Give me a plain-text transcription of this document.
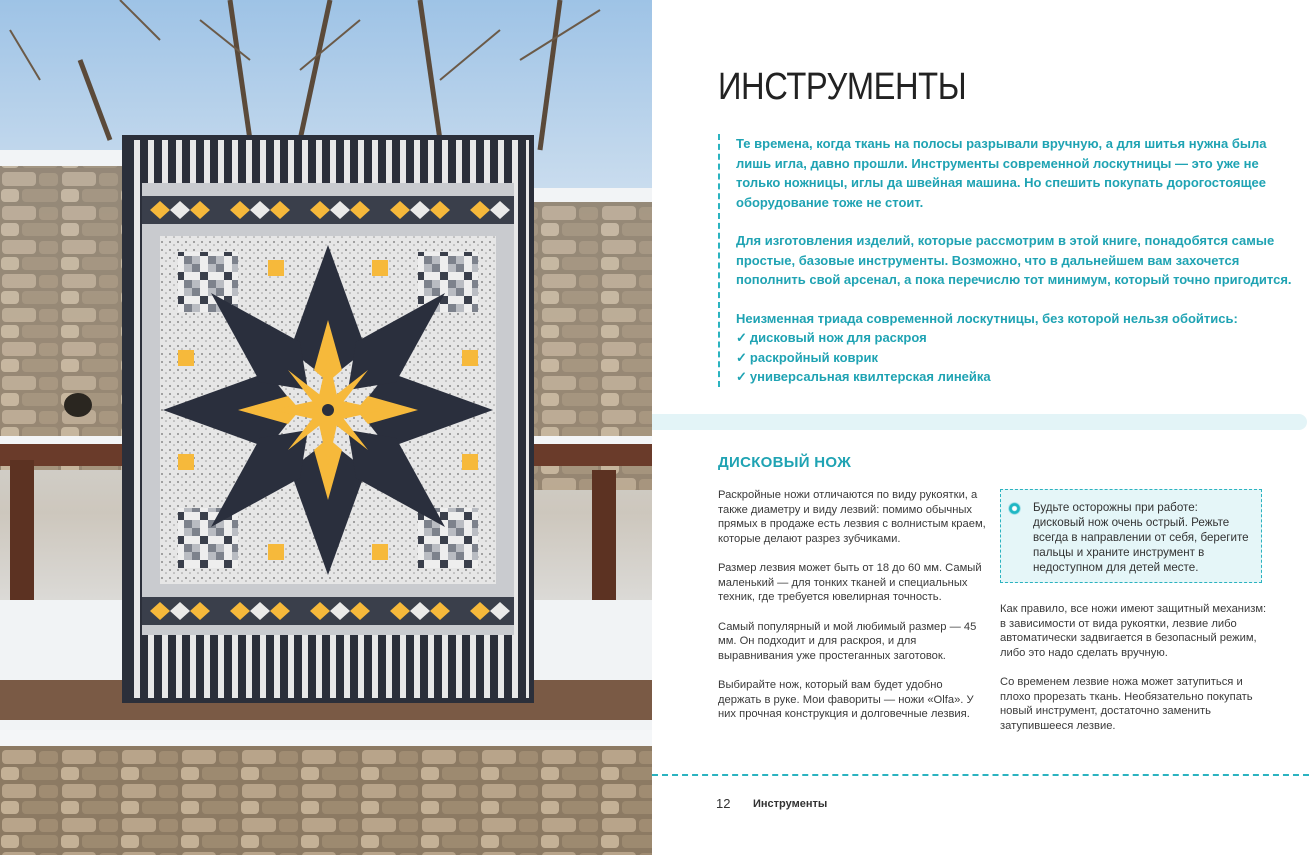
ИНСТРУМЕНТЫ

Те времена, когда ткань на полосы разрывали вручную, а для шитья нужна была лишь игла, давно прошли. Инструменты современной лоскутницы — это уже не только ножницы, иглы да швейная машина. Но спешить покупать дорогостоящее оборудование тоже не стоит.

Для изготовления изделий, которые рассмотрим в этой книге, понадобятся самые простые, базовые инструменты. Возможно, что в дальнейшем вам захочется пополнить свой арсенал, а пока перечислю тот минимум, который точно пригодится.

Неизменная триада современной лоскутницы, без которой нельзя обойтись:
✓ дисковый нож для раскроя
✓ раскройный коврик
✓ универсальная квилтерская линейка
ДИСКОВЫЙ НОЖ

Раскройные ножи отличаются по виду рукоятки, а также диаметру и виду лезвий: помимо обычных прямых в продаже есть лезвия с волнистым краем, которые делают разрез зубчиками.

Размер лезвия может быть от 18 до 60 мм. Самый маленький — для тонких тканей и специальных техник, где требуется ювелирная точность.

Самый популярный и мой любимый размер — 45 мм. Он подходит и для раскроя, и для выравнивания уже простеганных заготовок.

Выбирайте нож, который вам будет удобно держать в руке. Мои фавориты — ножи «Olfa». У них прочная конструкция и долговечные лезвия.

Будьте осторожны при работе: дисковый нож очень острый. Режьте всегда в направлении от себя, берегите пальцы и храните инструмент в недоступном для детей месте.

Как правило, все ножи имеют защитный механизм: в зависимости от вида рукоятки, лезвие либо автоматически задвигается в безопасный режим, либо это надо сделать вручную.

Со временем лезвие ножа может затупиться и плохо прорезать ткань. Необязательно покупать новый инструмент, достаточно заменить затупившееся лезвие.

12 Инструменты
